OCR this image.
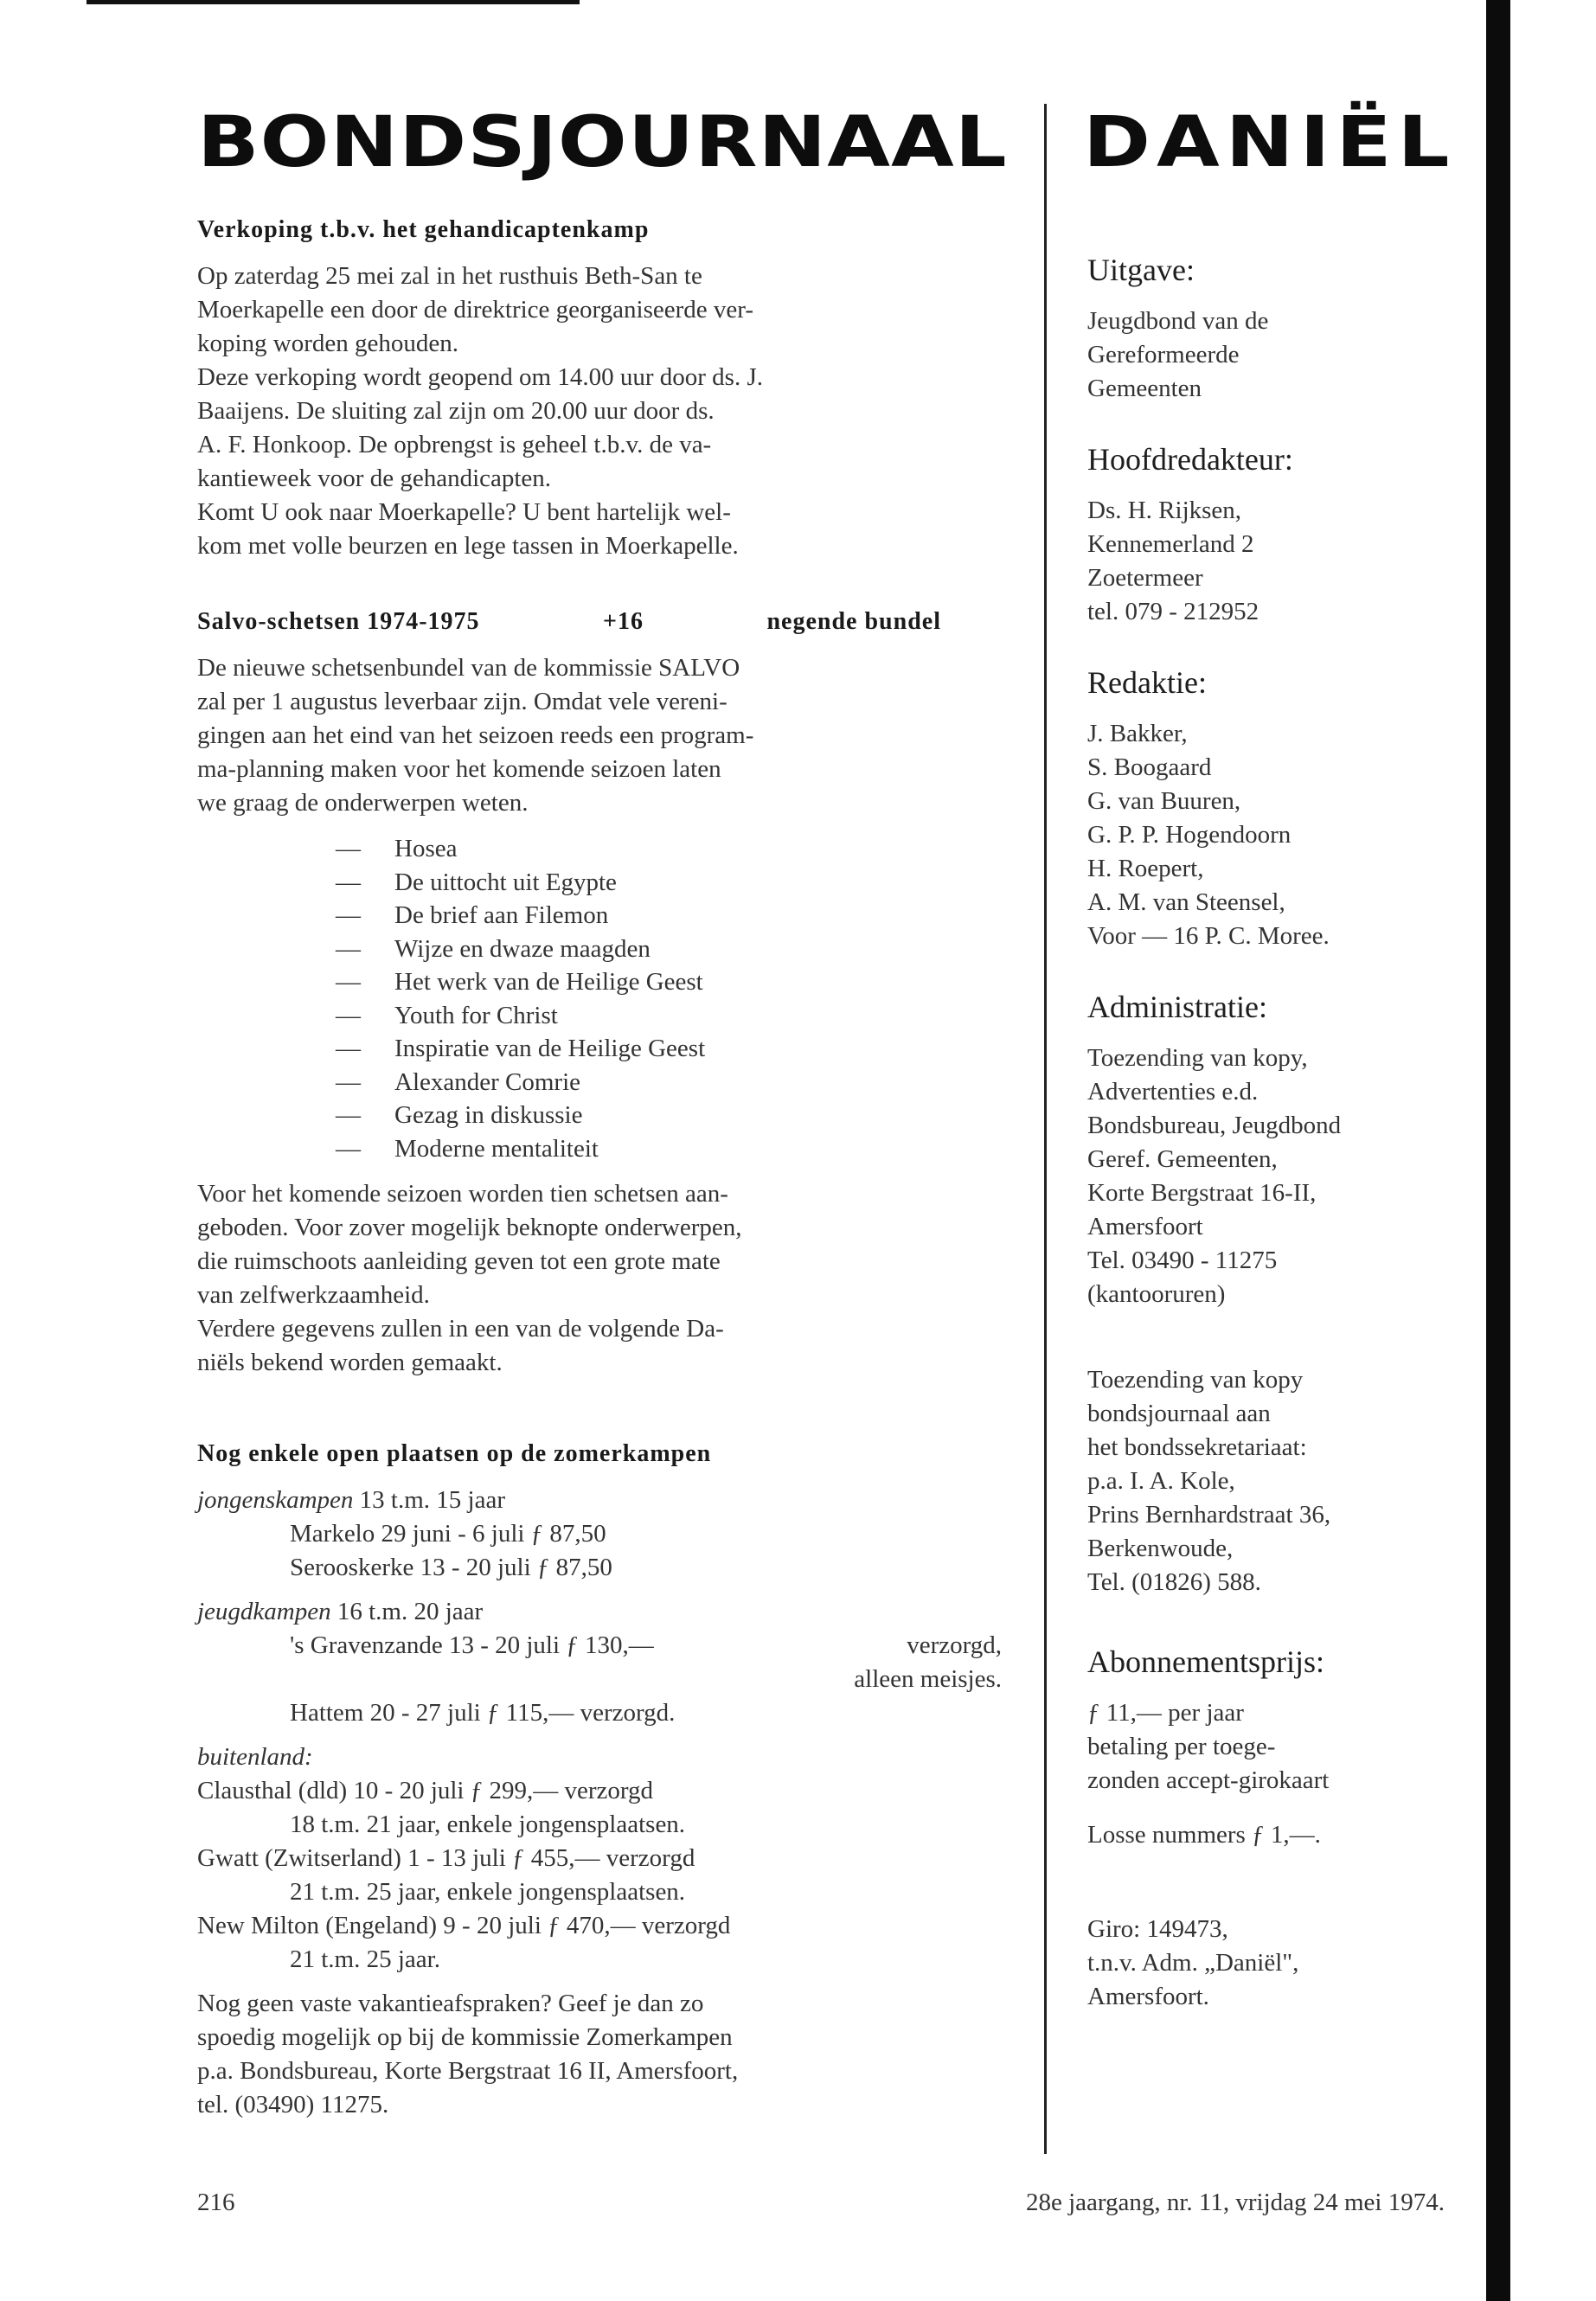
BONDSJOURNAAL DANIËL
Verkoping t.b.v. het gehandicaptenkamp
Op zaterdag 25 mei zal in het rusthuis Beth-San te
Moerkapelle een door de direktrice georganiseerde ver-
koping worden gehouden.
Deze verkoping wordt geopend om 14.00 uur door ds. J.
Baaijens. De sluiting zal zijn om 20.00 uur door ds.
A. F. Honkoop. De opbrengst is geheel t.b.v. de va-
kantieweek voor de gehandicapten.
Komt U ook naar Moerkapelle? U bent hartelijk wel-
kom met volle beurzen en lege tassen in Moerkapelle.
Salvo-schetsen 1974-1975	+16	negende bundel
De nieuwe schetsenbundel van de kommissie SALVO
zal per 1 augustus leverbaar zijn. Omdat vele vereni-
gingen aan het eind van het seizoen reeds een program-
ma-planning maken voor het komende seizoen laten
we graag de onderwerpen weten.
— Hosea
— De uittocht uit Egypte
— De brief aan Filemon
— Wijze en dwaze maagden
— Het werk van de Heilige Geest
— Youth for Christ
— Inspiratie van de Heilige Geest
— Alexander Comrie
— Gezag in diskussie
— Moderne mentaliteit
Voor het komende seizoen worden tien schetsen aan-
geboden. Voor zover mogelijk beknopte onderwerpen,
die ruimschoots aanleiding geven tot een grote mate
van zelfwerkzaamheid.
Verdere gegevens zullen in een van de volgende Da-
niëls bekend worden gemaakt.
Nog enkele open plaatsen op de zomerkampen
jongenskampen 13 t.m. 15 jaar
Markelo 29 juni - 6 juli ƒ 87,50
Serooskerke 13 - 20 juli ƒ 87,50
jeugdkampen 16 t.m. 20 jaar
's Gravenzande 13 - 20 juli ƒ 130,—	verzorgd,
alleen meisjes.
Hattem 20 - 27 juli ƒ 115,— verzorgd.
buitenland:
Clausthal (dld) 10 - 20 juli ƒ 299,— verzorgd
18 t.m. 21 jaar, enkele jongensplaatsen.
Gwatt (Zwitserland) 1 - 13 juli ƒ 455,— verzorgd
21 t.m. 25 jaar, enkele jongensplaatsen.
New Milton (Engeland) 9 - 20 juli ƒ 470,— verzorgd
21 t.m. 25 jaar.
Nog geen vaste vakantieafspraken? Geef je dan zo
spoedig mogelijk op bij de kommissie Zomerkampen
p.a. Bondsbureau, Korte Bergstraat 16 II, Amersfoort,
tel. (03490) 11275.
Uitgave:
Jeugdbond van de
Gereformeerde
Gemeenten
Hoofdredakteur:
Ds. H. Rijksen,
Kennemerland 2
Zoetermeer
tel. 079 - 212952
Redaktie:
J. Bakker,
S. Boogaard
G. van Buuren,
G. P. P. Hogendoorn
H. Roepert,
A. M. van Steensel,
Voor — 16 P. C. Moree.
Administratie:
Toezending van kopy,
Advertenties e.d.
Bondsbureau, Jeugdbond
Geref. Gemeenten,
Korte Bergstraat 16-II,
Amersfoort
Tel. 03490 - 11275
(kantooruren)
Toezending van kopy
bondsjournaal aan
het bondssekretariaat:
p.a. I. A. Kole,
Prins Bernhardstraat 36,
Berkenwoude,
Tel. (01826) 588.
Abonnementsprijs:
ƒ 11,— per jaar
betaling per toege-
zonden accept-girokaart
Losse nummers ƒ 1,—.
Giro: 149473,
t.n.v. Adm. „Daniël",
Amersfoort.
216	28e jaargang, nr. 11, vrijdag 24 mei 1974.
